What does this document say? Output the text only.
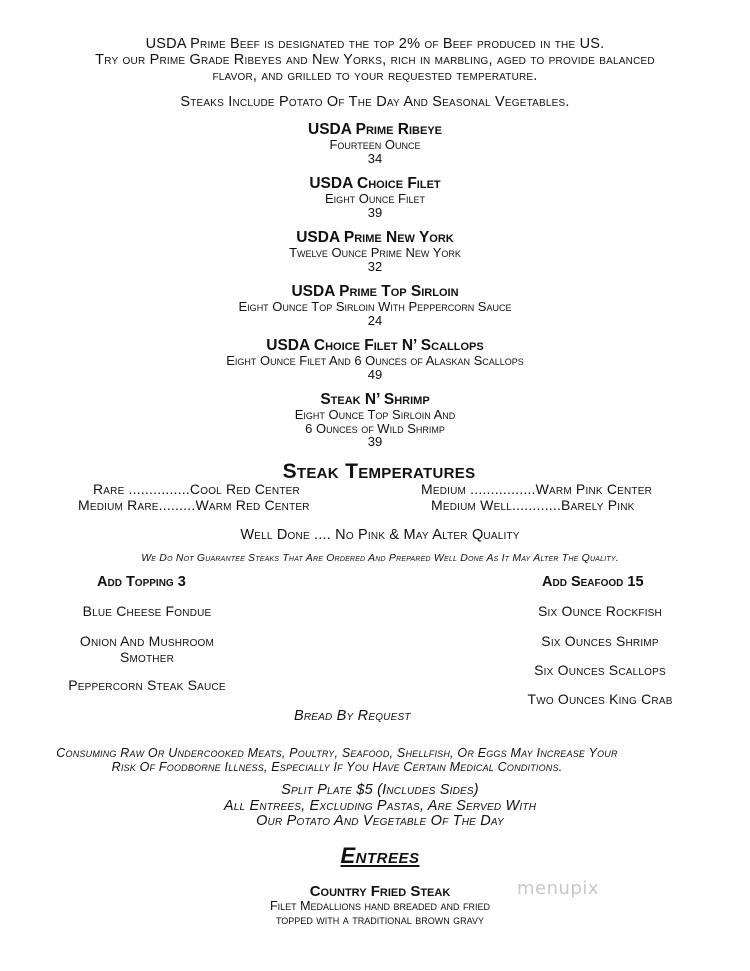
USDA Prime Beef is designated the top 2% of Beef produced in the US.
Try our Prime Grade Ribeyes and New Yorks, rich in marbling, aged to provide balanced
flavor, and grilled to your requested temperature.
Steaks Include Potato Of The Day And Seasonal Vegetables.
USDA Prime Ribeye
Fourteen Ounce
34
USDA Choice Filet
Eight Ounce Filet
39
USDA Prime New York
Twelve Ounce Prime New York
32
USDA Prime Top Sirloin
Eight Ounce Top Sirloin With Peppercorn Sauce
24
USDA Choice Filet N’ Scallops
Eight Ounce Filet And 6 Ounces of Alaskan Scallops
49
Steak N’ Shrimp
Eight Ounce Top Sirloin And
6 Ounces of Wild Shrimp
39
Steak Temperatures
Rare ...............Cool Red Center
Medium Rare.........Warm Red Center
Medium ................Warm Pink Center
Medium Well............Barely Pink
Well Done .... No Pink & May Alter Quality
We Do Not Guarantee Steaks That Are Ordered And Prepared Well Done As It May Alter The Quality.
Add Topping 3
Blue Cheese Fondue
Onion And Mushroom
Smother
Peppercorn Steak Sauce
Add Seafood 15
Six Ounce Rockfish
Six Ounces Shrimp
Six Ounces Scallops
Two Ounces King Crab
Bread By Request
Consuming Raw Or Undercooked Meats, Poultry, Seafood, Shellfish, Or Eggs May Increase Your
Risk Of Foodborne Illness, Especially If You Have Certain Medical Conditions.
Split Plate $5 (Includes Sides)
All Entrees, Excluding Pastas, Are Served With
Our Potato And Vegetable Of The Day
Entrees
Country Fried Steak
Filet Medallions hand breaded and fried
topped with a traditional brown gravy
menupix
